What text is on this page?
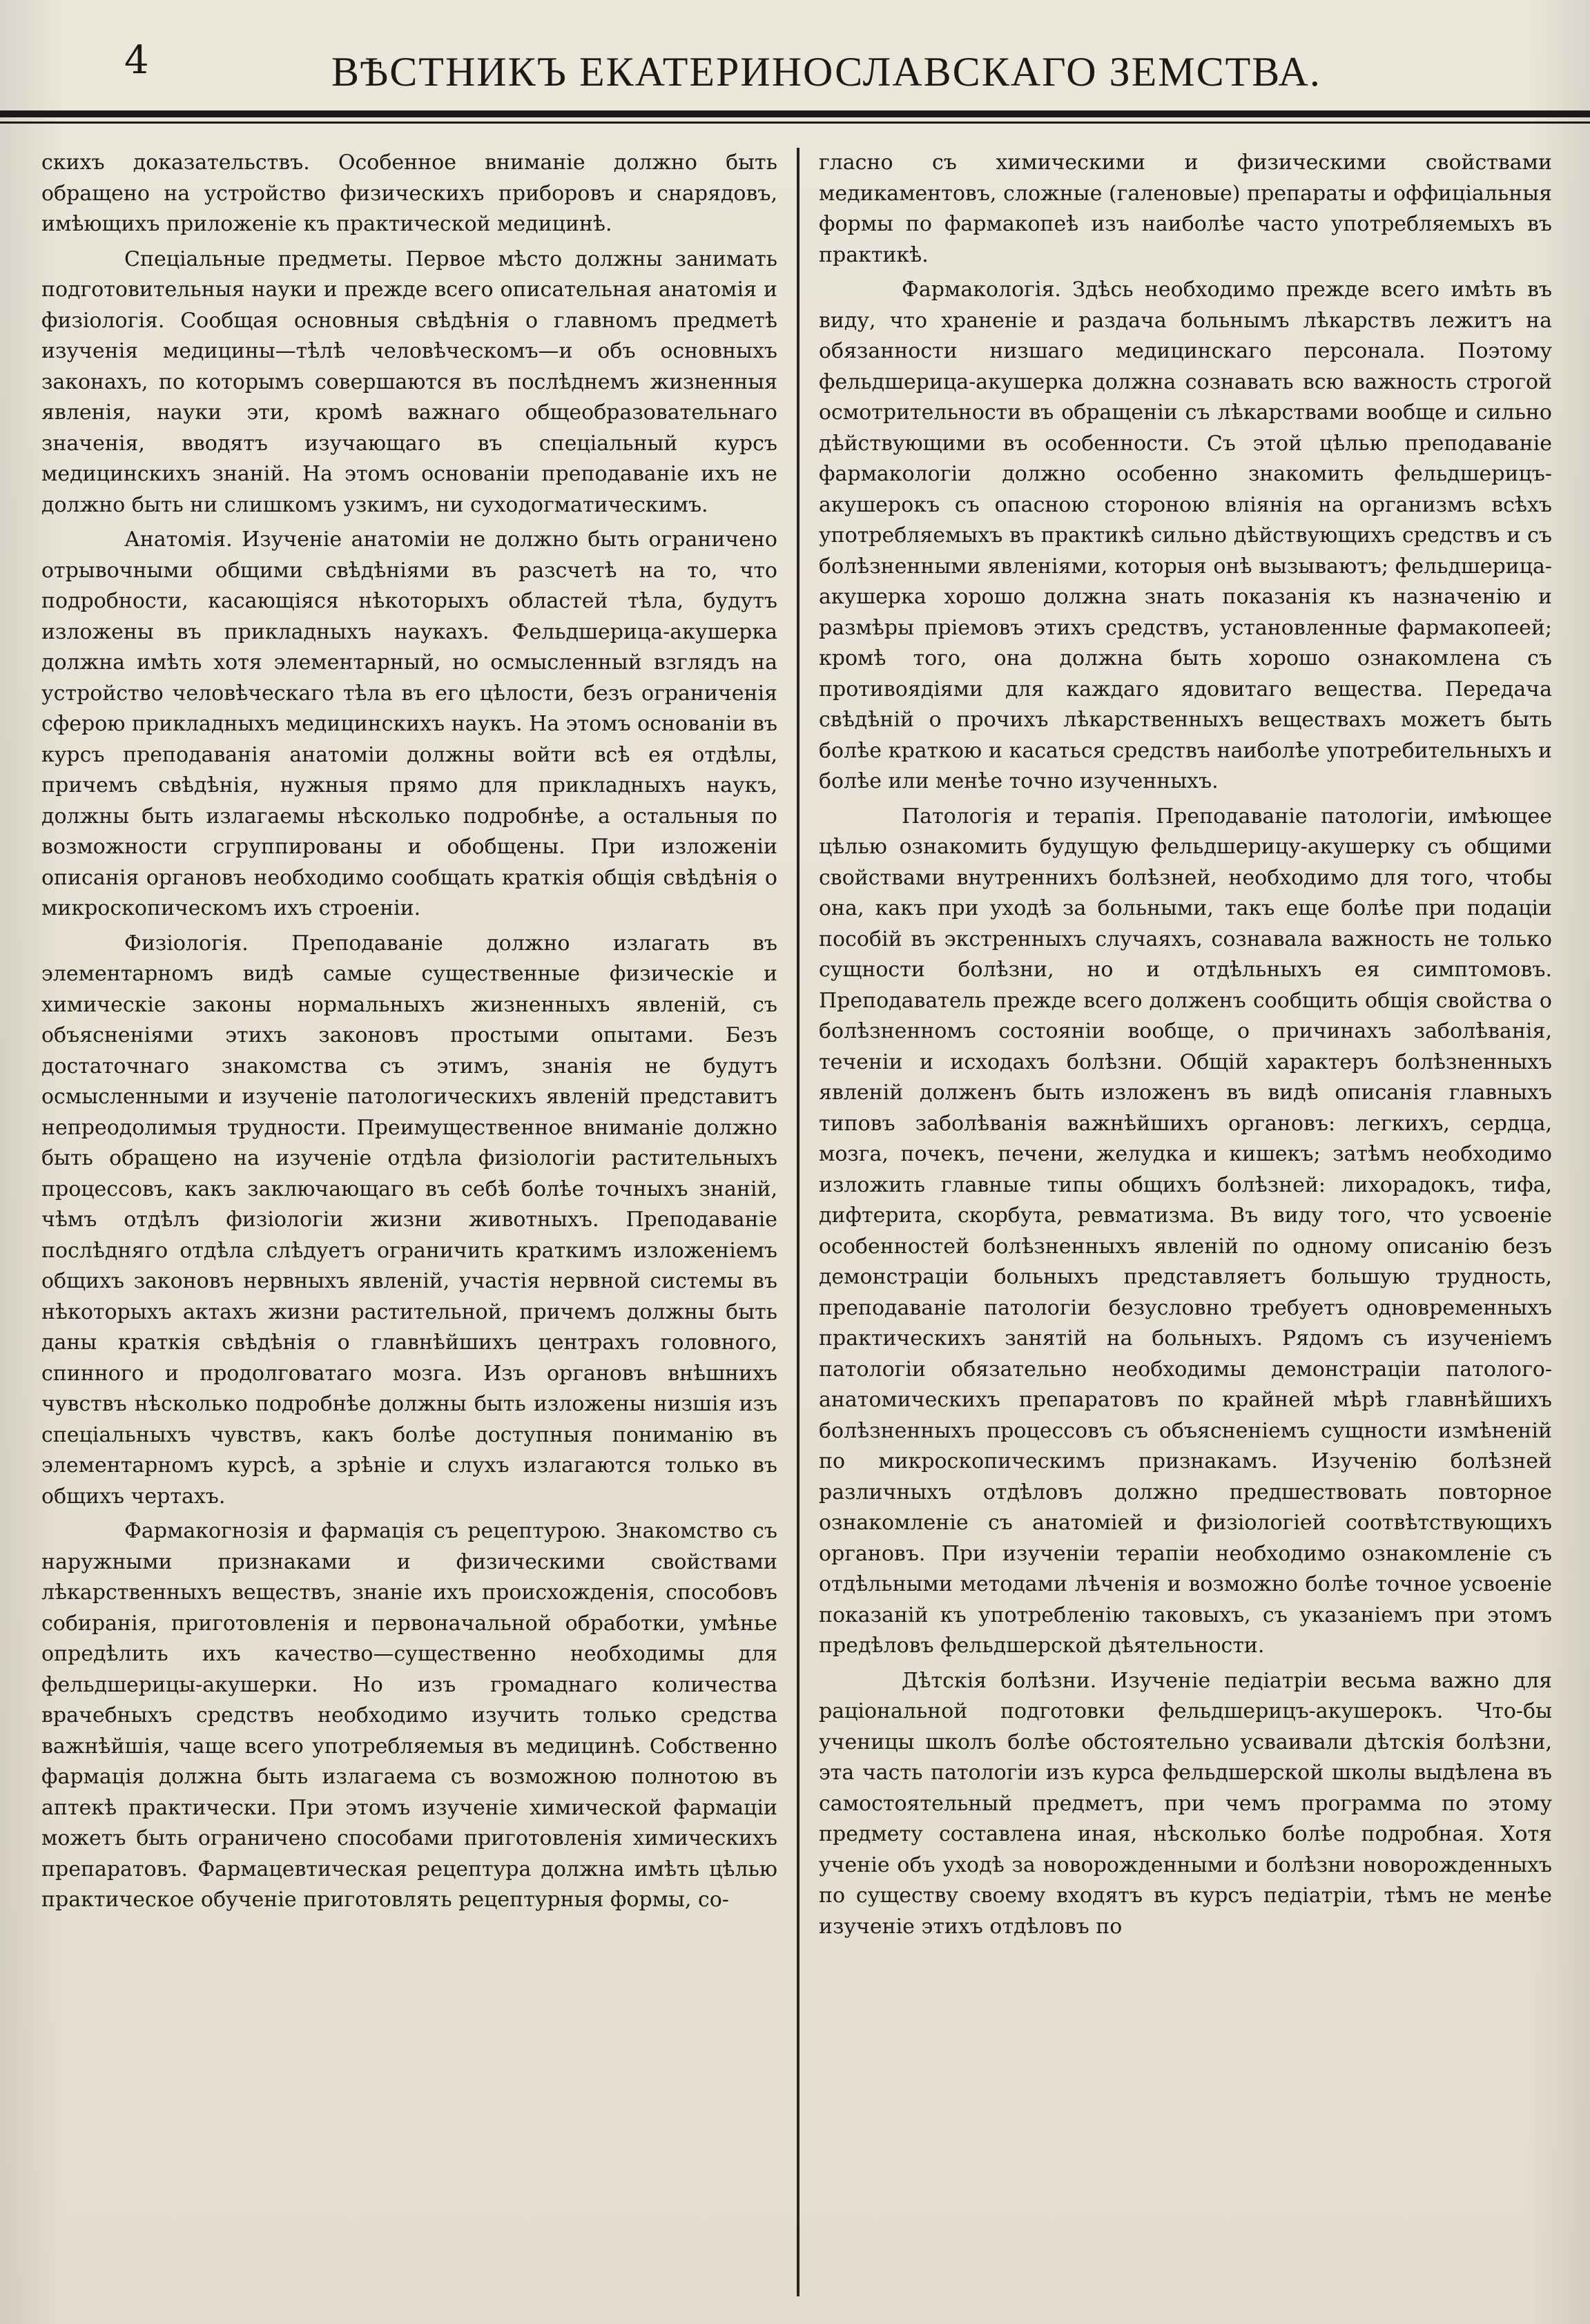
4	ВѢСТНИКЪ ЕКАТЕРИНОСЛАВСКАГО ЗЕМСТВА.

скихъ доказательствъ. Особенное вниманіе должно быть обращено на устройство физическихъ приборовъ и снарядовъ, имѣющихъ приложеніе къ практической медицинѣ.

Спеціальные предметы. Первое мѣсто должны занимать подготовительныя науки и прежде всего описательная анатомія и физіологія. Сообщая основныя свѣдѣнія о главномъ предметѣ изученія медицины—тѣлѣ человѣческомъ—и объ основныхъ законахъ, по которымъ совершаются въ послѣднемъ жизненныя явленія, науки эти, кромѣ важнаго общеобразовательнаго значенія, вводятъ изучающаго въ спеціальный курсъ медицинскихъ знаній. На этомъ основаніи преподаваніе ихъ не должно быть ни слишкомъ узкимъ, ни суходогматическимъ.

Анатомія. Изученіе анатоміи не должно быть ограничено отрывочными общими свѣдѣніями въ разсчетѣ на то, что подробности, касающіяся нѣкоторыхъ областей тѣла, будутъ изложены въ прикладныхъ наукахъ. Фельдшерица-акушерка должна имѣть хотя элементарный, но осмысленный взглядъ на устройство человѣческаго тѣла въ его цѣлости, безъ ограниченія сферою прикладныхъ медицинскихъ наукъ. На этомъ основаніи въ курсъ преподаванія анатоміи должны войти всѣ ея отдѣлы, причемъ свѣдѣнія, нужныя прямо для прикладныхъ наукъ, должны быть излагаемы нѣсколько подробнѣе, а остальныя по возможности сгруппированы и обобщены. При изложеніи описанія органовъ необходимо сообщать краткія общія свѣдѣнія о микроскопическомъ ихъ строеніи.

Физіологія. Преподаваніе должно излагать въ элементарномъ видѣ самые существенные физическіе и химическіе законы нормальныхъ жизненныхъ явленій, съ объясненіями этихъ законовъ простыми опытами. Безъ достаточнаго знакомства съ этимъ, знанія не будутъ осмысленными и изученіе патологическихъ явленій представитъ непреодолимыя трудности. Преимущественное вниманіе должно быть обращено на изученіе отдѣла физіологіи растительныхъ процессовъ, какъ заключающаго въ себѣ болѣе точныхъ знаній, чѣмъ отдѣлъ физіологіи жизни животныхъ. Преподаваніе послѣдняго отдѣла слѣдуетъ ограничить краткимъ изложеніемъ общихъ законовъ нервныхъ явленій, участія нервной системы въ нѣкоторыхъ актахъ жизни растительной, причемъ должны быть даны краткія свѣдѣнія о главнѣйшихъ центрахъ головного, спинного и продолговатаго мозга. Изъ органовъ внѣшнихъ чувствъ нѣсколько подробнѣе должны быть изложены низшія изъ спеціальныхъ чувствъ, какъ болѣе доступныя пониманію въ элементарномъ курсѣ, а зрѣніе и слухъ излагаются только въ общихъ чертахъ.

Фармакогнозія и фармація съ рецептурою. Знакомство съ наружными признаками и физическими свойствами лѣкарственныхъ веществъ, знаніе ихъ происхожденія, способовъ собиранія, приготовленія и первоначальной обработки, умѣнье опредѣлить ихъ качество—существенно необходимы для фельдшерицы-акушерки. Но изъ громаднаго количества врачебныхъ средствъ необходимо изучить только средства важнѣйшія, чаще всего употребляемыя въ медицинѣ. Собственно фармація должна быть излагаема съ возможною полнотою въ аптекѣ практически. При этомъ изученіе химической фармаціи можетъ быть ограничено способами приготовленія химическихъ препаратовъ. Фармацевтическая рецептура должна имѣть цѣлью практическое обученіе приготовлять рецептурныя формы, со-

гласно съ химическими и физическими свойствами медикаментовъ, сложные (галеновые) препараты и оффиціальныя формы по фармакопеѣ изъ наиболѣе часто употребляемыхъ въ практикѣ.

Фармакологія. Здѣсь необходимо прежде всего имѣть въ виду, что храненіе и раздача больнымъ лѣкарствъ лежитъ на обязанности низшаго медицинскаго персонала. Поэтому фельдшерица-акушерка должна сознавать всю важность строгой осмотрительности въ обращеніи съ лѣкарствами вообще и сильно дѣйствующими въ особенности. Съ этой цѣлью преподаваніе фармакологіи должно особенно знакомить фельдшерицъ-акушерокъ съ опасною стороною вліянія на организмъ всѣхъ употребляемыхъ въ практикѣ сильно дѣйствующихъ средствъ и съ болѣзненными явленіями, которыя онѣ вызываютъ; фельдшерица-акушерка хорошо должна знать показанія къ назначенію и размѣры пріемовъ этихъ средствъ, установленные фармакопеей; кромѣ того, она должна быть хорошо ознакомлена съ противоядіями для каждаго ядовитаго вещества. Передача свѣдѣній о прочихъ лѣкарственныхъ веществахъ можетъ быть болѣе краткою и касаться средствъ наиболѣе употребительныхъ и болѣе или менѣе точно изученныхъ.

Патологія и терапія. Преподаваніе патологіи, имѣющее цѣлью ознакомить будущую фельдшерицу-акушерку съ общими свойствами внутреннихъ болѣзней, необходимо для того, чтобы она, какъ при уходѣ за больными, такъ еще болѣе при подаціи пособій въ экстренныхъ случаяхъ, сознавала важность не только сущности болѣзни, но и отдѣльныхъ ея симптомовъ. Преподаватель прежде всего долженъ сообщить общія свойства о болѣзненномъ состояніи вообще, о причинахъ заболѣванія, теченіи и исходахъ болѣзни. Общій характеръ болѣзненныхъ явленій долженъ быть изложенъ въ видѣ описанія главныхъ типовъ заболѣванія важнѣйшихъ органовъ: легкихъ, сердца, мозга, почекъ, печени, желудка и кишекъ; затѣмъ необходимо изложить главные типы общихъ болѣзней: лихорадокъ, тифа, дифтерита, скорбута, ревматизма. Въ виду того, что усвоеніе особенностей болѣзненныхъ явленій по одному описанію безъ демонстраціи больныхъ представляетъ большую трудность, преподаваніе патологіи безусловно требуетъ одновременныхъ практическихъ занятій на больныхъ. Рядомъ съ изученіемъ патологіи обязательно необходимы демонстраціи патолого-анатомическихъ препаратовъ по крайней мѣрѣ главнѣйшихъ болѣзненныхъ процессовъ съ объясненіемъ сущности измѣненій по микроскопическимъ признакамъ. Изученію болѣзней различныхъ отдѣловъ должно предшествовать повторное ознакомленіе съ анатоміей и физіологіей соотвѣтствующихъ органовъ. При изученіи терапіи необходимо ознакомленіе съ отдѣльными методами лѣченія и возможно болѣе точное усвоеніе показаній къ употребленію таковыхъ, съ указаніемъ при этомъ предѣловъ фельдшерской дѣятельности.

Дѣтскія болѣзни. Изученіе педіатріи весьма важно для раціональной подготовки фельдшерицъ-акушерокъ. Что-бы ученицы школъ болѣе обстоятельно усваивали дѣтскія болѣзни, эта часть патологіи изъ курса фельдшерской школы выдѣлена въ самостоятельный предметъ, при чемъ программа по этому предмету составлена иная, нѣсколько болѣе подробная. Хотя ученіе объ уходѣ за новорожденными и болѣзни новорожденныхъ по существу своему входятъ въ курсъ педіатріи, тѣмъ не менѣе изученіе этихъ отдѣловъ по
